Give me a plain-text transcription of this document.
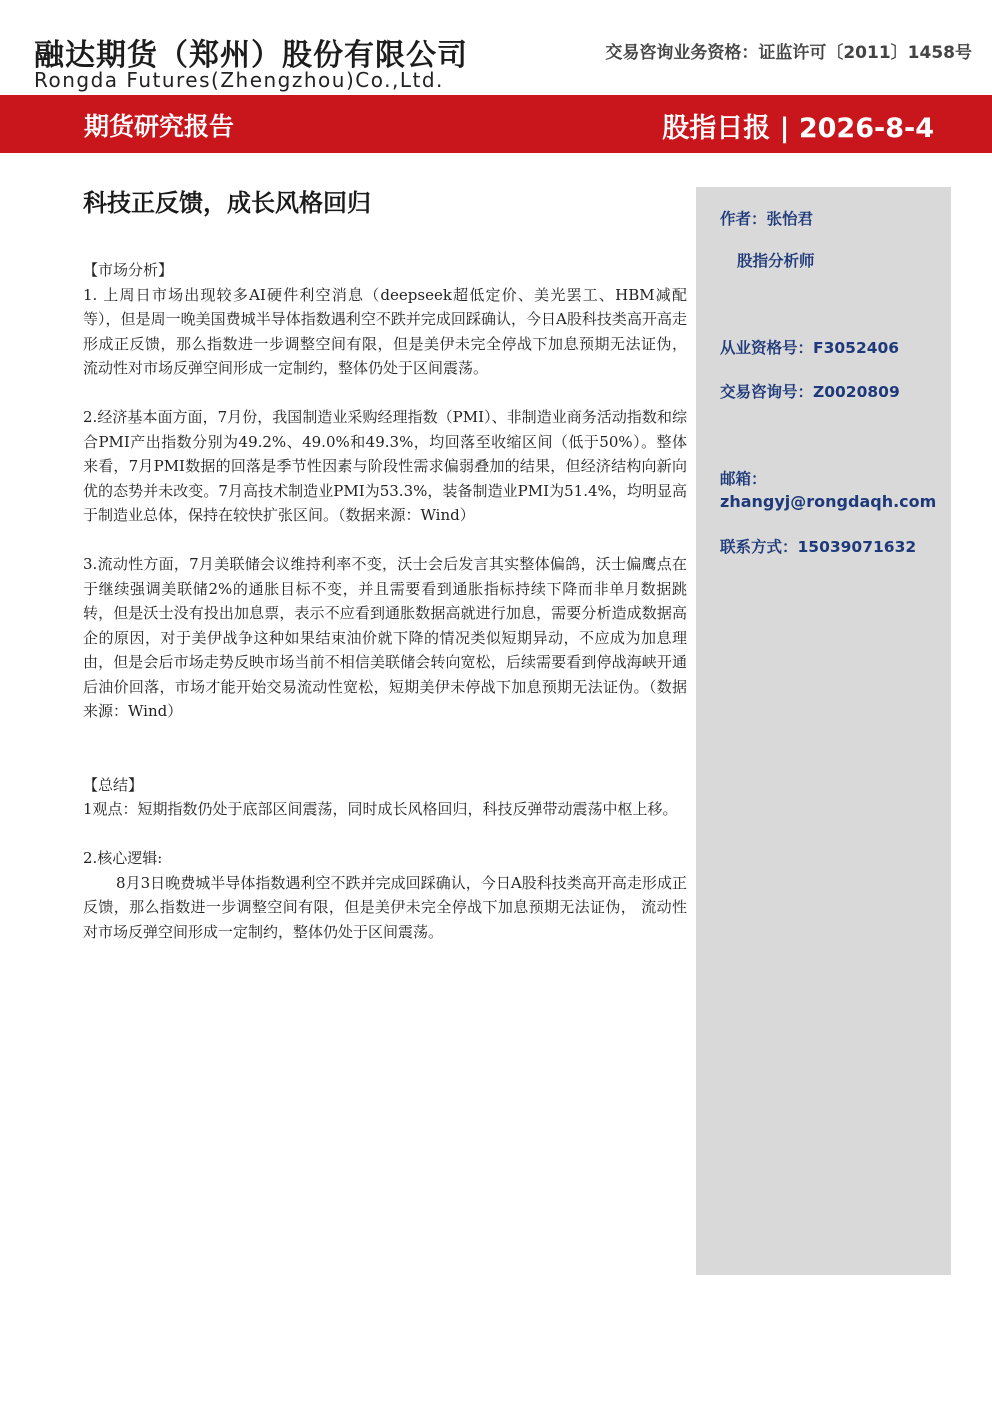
融达期货（郑州）股份有限公司
Rongda Futures(Zhengzhou)Co.,Ltd.
交易咨询业务资格：证监许可〔2011〕1458号
期货研究报告	股指日报 | 2026-8-4
科技正反馈，成长风格回归

【市场分析】

1. 上周日市场出现较多AI硬件利空消息（deepseek超低定价、美光罢工、HBM减配等），但是周一晚美国费城半导体指数遇利空不跌并完成回踩确认，今日A股科技类高开高走形成正反馈，那么指数进一步调整空间有限，但是美伊未完全停战下加息预期无法证伪， 流动性对市场反弹空间形成一定制约，整体仍处于区间震荡。

2.经济基本面方面，7月份，我国制造业采购经理指数（PMI）、非制造业商务活动指数和综合PMI产出指数分别为49.2%、49.0%和49.3%，均回落至收缩区间（低于50%）。整体来看，7月PMI数据的回落是季节性因素与阶段性需求偏弱叠加的结果，但经济结构向新向优的态势并未改变。7月高技术制造业PMI为53.3%，装备制造业PMI为51.4%，均明显高于制造业总体，保持在较快扩张区间。（数据来源：Wind）

3.流动性方面，7月美联储会议维持利率不变，沃士会后发言其实整体偏鸽，沃士偏鹰点在于继续强调美联储2%的通胀目标不变，并且需要看到通胀指标持续下降而非单月数据跳转，但是沃士没有投出加息票，表示不应看到通胀数据高就进行加息，需要分析造成数据高企的原因，对于美伊战争这种如果结束油价就下降的情况类似短期异动，不应成为加息理由，但是会后市场走势反映市场当前不相信美联储会转向宽松，后续需要看到停战海峡开通后油价回落，市场才能开始交易流动性宽松，短期美伊未停战下加息预期无法证伪。（数据来源：Wind）

【总结】

1观点：短期指数仍处于底部区间震荡，同时成长风格回归，科技反弹带动震荡中枢上移。

2.核心逻辑:

8月3日晚费城半导体指数遇利空不跌并完成回踩确认，今日A股科技类高开高走形成正反馈，那么指数进一步调整空间有限，但是美伊未完全停战下加息预期无法证伪， 流动性对市场反弹空间形成一定制约，整体仍处于区间震荡。

作者：张怡君
股指分析师
从业资格号：F3052406
交易咨询号：Z0020809
邮箱：
zhangyj@rongdaqh.com
联系方式：15039071632
